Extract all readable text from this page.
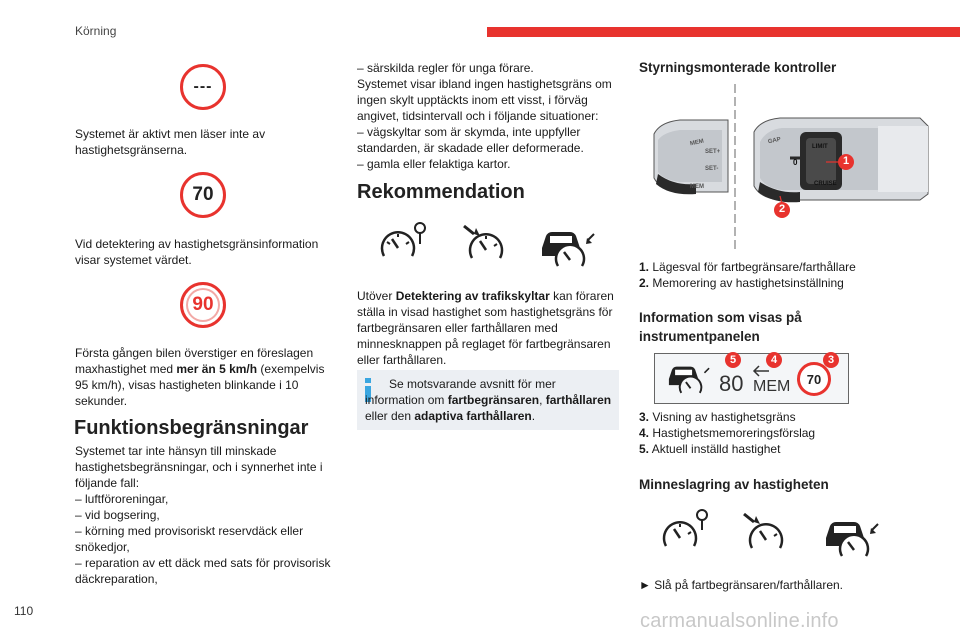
Körning
---
Systemet är aktivt men läser inte av hastighetsgränserna.
70
Vid detektering av hastighetsgränsinformation visar systemet värdet.
90
Första gången bilen överstiger en föreslagen maxhastighet med mer än 5 km/h (exempelvis 95 km/h), visas hastigheten blinkande i 10 sekunder.
Funktionsbegränsningar
Systemet tar inte hänsyn till minskade hastighetsbegränsningar, och i synnerhet inte i följande fall:
– luftföroreningar,
– vid bogsering,
– körning med provisoriskt reservdäck eller snökedjor,
– reparation av ett däck med sats för provisorisk däckreparation,
– särskilda regler för unga förare.
Systemet visar ibland ingen hastighetsgräns om ingen skylt upptäckts inom ett visst, i förväg angivet, tidsintervall och i följande situationer:
– vägskyltar som är skymda, inte uppfyller standarden, är skadade eller deformerade.
– gamla eller felaktiga kartor.
Rekommendation
Utöver Detektering av trafikskyltar kan föraren ställa in visad hastighet som hastighetsgräns för fartbegränsaren eller farthållaren med minnesknappen på reglaget för fartbegränsaren eller farthållaren.
Se motsvarande avsnitt för mer information om fartbegränsaren, farthållaren eller den adaptiva farthållaren.
Styrningsmonterade kontroller
MEM
SET+
SET-
MEM
GAP
LIMIT
0
CRUISE
1
2
1. Lägesval för fartbegränsare/farthållare
2. Memorering av hastighetsinställning
Information som visas på instrumentpanelen
80 MEM 70
5	4	3
3. Visning av hastighetsgräns
4. Hastighetsmemoreringsförslag
5. Aktuell inställd hastighet
Minneslagring av hastigheten
► Slå på fartbegränsaren/farthållaren.
110	carmanualsonline.info
